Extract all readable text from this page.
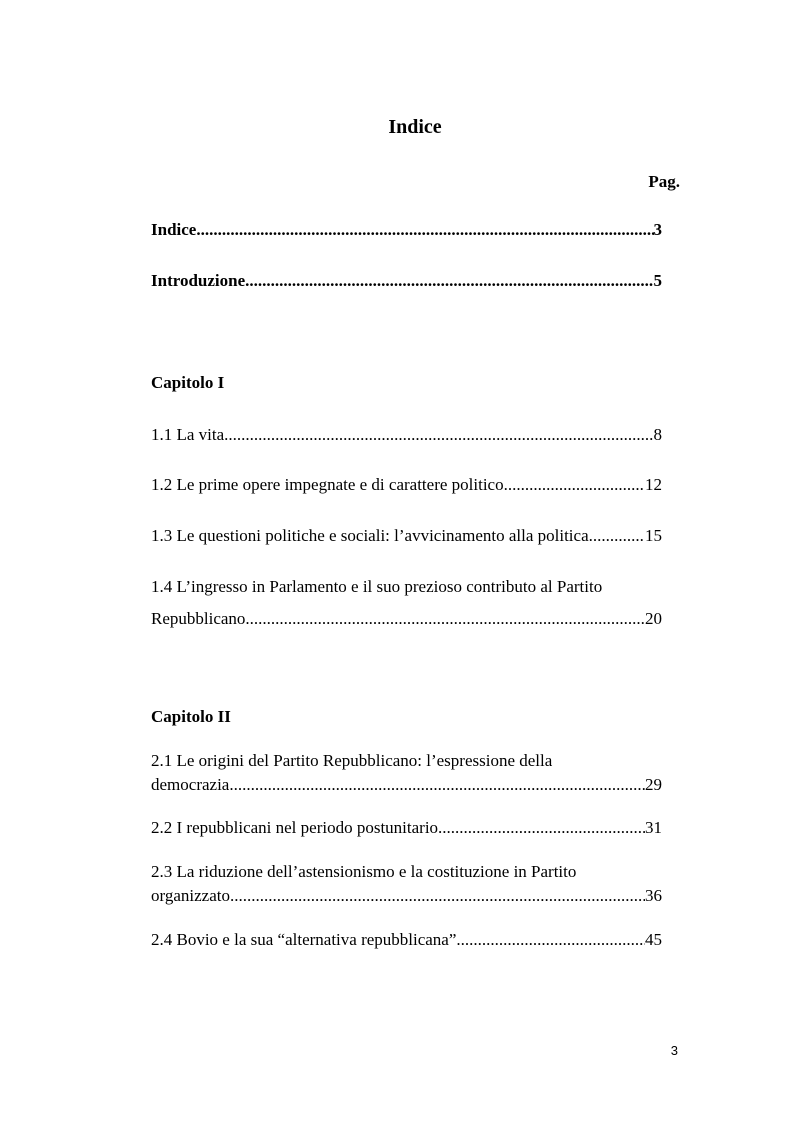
Indice
Pag.
Indice .....	3
Introduzione .....	5
Capitolo I
1.1 La vita .....	8
1.2 Le prime opere impegnate e di carattere politico .....	12
1.3 Le questioni politiche e sociali: l’avvicinamento alla politica .....	15
1.4 L’ingresso in Parlamento e il suo prezioso contributo al Partito
Repubblicano .....	20
Capitolo II
2.1 Le origini del Partito Repubblicano: l’espressione della
democrazia .....	29
2.2 I repubblicani nel periodo postunitario .....	31
2.3 La riduzione dell’astensionismo e la costituzione in Partito
organizzato .....	36
2.4 Bovio e la sua “alternativa repubblicana” .....	45
3
